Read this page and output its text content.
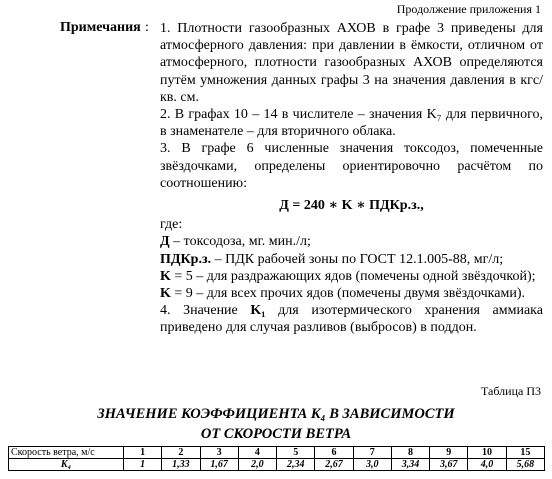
Продолжение приложения 1
Примечания : 1. Плотности газообразных АХОВ в графе 3 приведены для атмосферного давления: при давлении в ёмкости, отличном от атмосферного, плотности газообразных АХОВ определяются путём умножения данных графы 3 на значения давления в кгс/кв. см.

2. В графах 10 – 14 в числителе – значения K₇ для первичного, в знаменателе – для вторичного облака.

3. В графе 6 численные значения токсодоз, помеченные звёздочками, определены ориентировочно расчётом по соотношению:

Д = 240 ∗ K ∗ ПДКр.з.,

где:

Д – токсодоза, мг. мин./л;

ПДКр.з. – ПДК рабочей зоны по ГОСТ 12.1.005-88, мг/л;

K = 5 – для раздражающих ядов (помечены одной звёздочкой);

K = 9 – для всех прочих ядов (помечены двумя звёздочками).

4. Значение K₁ для изотермического хранения аммиака приведено для случая разливов (выбросов) в поддон.

Таблица П3
ЗНАЧЕНИЕ КОЭФФИЦИЕНТА K₄ В ЗАВИСИМОСТИ
ОТ СКОРОСТИ ВЕТРА
Скорость ветра, м/с	1	2	3	4	5	6	7	8	9	10	15
K₄	1	1,33	1,67	2,0	2,34	2,67	3,0	3,34	3,67	4,0	5,68
